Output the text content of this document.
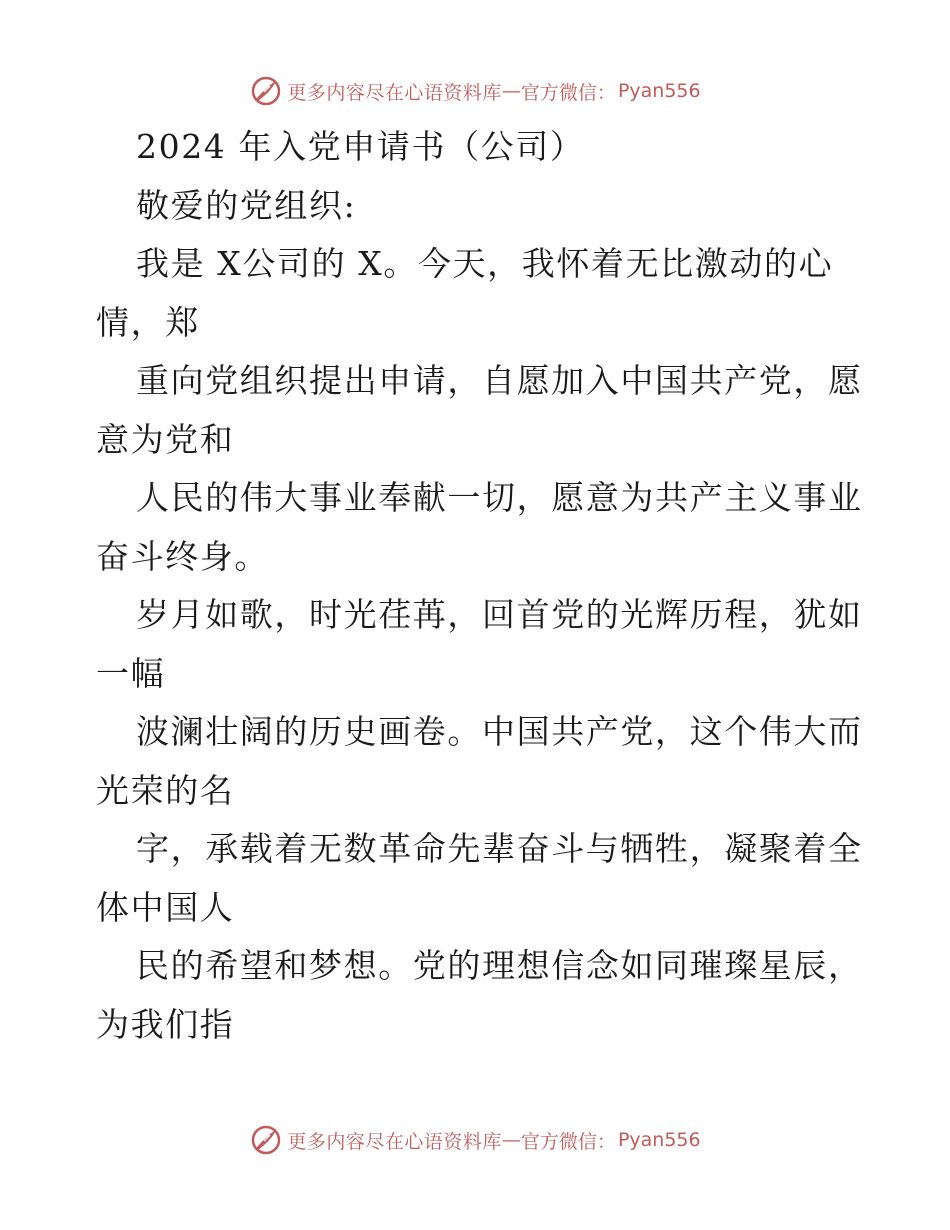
更多内容尽在心语资料库 — 官方微信： Pyan556
2024 年入党申请书（公司）
敬爱的党组织:
我是 X公司的 X。今天，我怀着无比激动的心
情，郑
重向党组织提出申请，自愿加入中国共产党，愿
意为党和
人民的伟大事业奉献一切，愿意为共产主义事业
奋斗终身。
岁月如歌，时光荏苒，回首党的光辉历程，犹如
一幅
波澜壮阔的历史画卷。中国共产党，这个伟大而
光荣的名
字，承载着无数革命先辈奋斗与牺牲，凝聚着全
体中国人
民的希望和梦想。党的理想信念如同璀璨星辰，
为我们指
更多内容尽在心语资料库 — 官方微信： Pyan556
